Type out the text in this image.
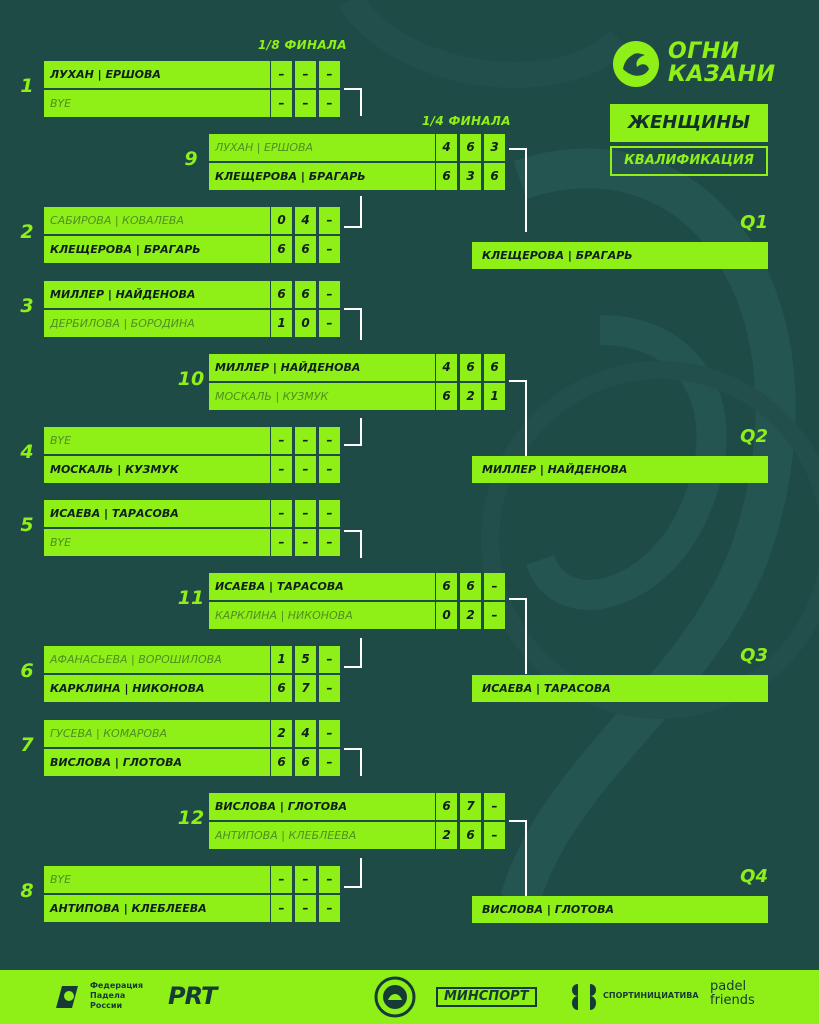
ОГНИ
КАЗАНИ
ЖЕНЩИНЫ
КВАЛИФИКАЦИЯ
1/8 ФИНАЛА
1/4 ФИНАЛА
1
ЛУХАН | ЕРШОВА	–	–	–
BYE	–	–	–
2
САБИРОВА | КОВАЛЕВА	0	4	–
КЛЕЩЕРОВА | БРАГАРЬ	6	6	–
3
МИЛЛЕР | НАЙДЕНОВА	6	6	–
ДЕРБИЛОВА | БОРОДИНА	1	0	–
4
BYE	–	–	–
МОСКАЛЬ | КУЗМУК	–	–	–
5
ИСАЕВА | ТАРАСОВА	–	–	–
BYE	–	–	–
6
АФАНАСЬЕВА | ВОРОШИЛОВА	1	5	–
КАРКЛИНА | НИКОНОВА	6	7	–
7
ГУСЕВА | КОМАРОВА	2	4	–
ВИСЛОВА | ГЛОТОВА	6	6	–
8
BYE	–	–	–
АНТИПОВА | КЛЕБЛЕЕВА	–	–	–
9
ЛУХАН | ЕРШОВА	4	6	3
КЛЕЩЕРОВА | БРАГАРЬ	6	3	6
10
МИЛЛЕР | НАЙДЕНОВА	4	6	6
МОСКАЛЬ | КУЗМУК	6	2	1
11
ИСАЕВА | ТАРАСОВА	6	6	–
КАРКЛИНА | НИКОНОВА	0	2	–
12
ВИСЛОВА | ГЛОТОВА	6	7	–
АНТИПОВА | КЛЕБЛЕЕВА	2	6	–
Q1
КЛЕЩЕРОВА | БРАГАРЬ
Q2
МИЛЛЕР | НАЙДЕНОВА
Q3
ИСАЕВА | ТАРАСОВА
Q4
ВИСЛОВА | ГЛОТОВА
Федерация
Падела
России	PRT	МИНСПОРТ	СПОРТИНИЦИАТИВА
padel
friends
